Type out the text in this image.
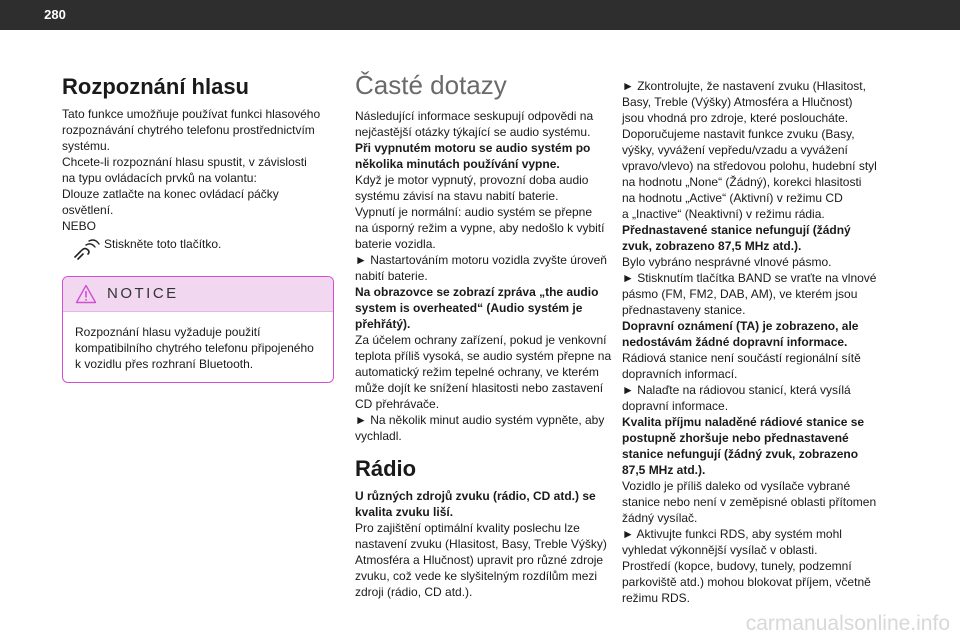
280
Rozpoznání hlasu
Tato funkce umožňuje používat funkci hlasového
rozpoznávání chytrého telefonu prostřednictvím
systému.
Chcete-li rozpoznání hlasu spustit, v závislosti
na typu ovládacích prvků na volantu:
Dlouze zatlačte na konec ovládací páčky
osvětlení.
NEBO
Stiskněte toto tlačítko.
NOTICE
Rozpoznání hlasu vyžaduje použití
kompatibilního chytrého telefonu připojeného
k vozidlu přes rozhraní Bluetooth.
Časté dotazy
Následující informace seskupují odpovědi na
nejčastější otázky týkající se audio systému.
Při vypnutém motoru se audio systém po
několika minutách používání vypne.
Když je motor vypnutý, provozní doba audio
systému závisí na stavu nabití baterie.
Vypnutí je normální: audio systém se přepne
na úsporný režim a vypne, aby nedošlo k vybití
baterie vozidla.
► Nastartováním motoru vozidla zvyšte úroveň
nabití baterie.
Na obrazovce se zobrazí zpráva „the audio
system is overheated“ (Audio systém je
přehřátý).
Za účelem ochrany zařízení, pokud je venkovní
teplota příliš vysoká, se audio systém přepne na
automatický režim tepelné ochrany, ve kterém
může dojít ke snížení hlasitosti nebo zastavení
CD přehrávače.
► Na několik minut audio systém vypněte, aby
vychladl.
Rádio
U různých zdrojů zvuku (rádio, CD atd.) se
kvalita zvuku liší.
Pro zajištění optimální kvality poslechu lze
nastavení zvuku (Hlasitost, Basy, Treble Výšky)
Atmosféra a Hlučnost) upravit pro různé zdroje
zvuku, což vede ke slyšitelným rozdílům mezi
zdroji (rádio, CD atd.).
► Zkontrolujte, že nastavení zvuku (Hlasitost,
Basy, Treble (Výšky) Atmosféra a Hlučnost)
jsou vhodná pro zdroje, které posloucháte.
Doporučujeme nastavit funkce zvuku (Basy,
výšky, vyvážení vepředu/vzadu a vyvážení
vpravo/vlevo) na středovou polohu, hudební styl
na hodnotu „None“ (Žádný), korekci hlasitosti
na hodnotu „Active“ (Aktivní) v režimu CD
a „Inactive“ (Neaktivní) v režimu rádia.
Přednastavené stanice nefungují (žádný
zvuk, zobrazeno 87,5 MHz atd.).
Bylo vybráno nesprávné vlnové pásmo.
► Stisknutím tlačítka BAND se vraťte na vlnové
pásmo (FM, FM2, DAB, AM), ve kterém jsou
přednastaveny stanice.
Dopravní oznámení (TA) je zobrazeno, ale
nedostávám žádné dopravní informace.
Rádiová stanice není součástí regionální sítě
dopravních informací.
► Nalaďte na rádiovou stanicí, která vysílá
dopravní informace.
Kvalita příjmu naladěné rádiové stanice se
postupně zhoršuje nebo přednastavené
stanice nefungují (žádný zvuk, zobrazeno
87,5 MHz atd.).
Vozidlo je příliš daleko od vysílače vybrané
stanice nebo není v zeměpisné oblasti přítomen
žádný vysílač.
► Aktivujte funkci RDS, aby systém mohl
vyhledat výkonnější vysílač v oblasti.
Prostředí (kopce, budovy, tunely, podzemní
parkoviště atd.) mohou blokovat příjem, včetně
režimu RDS.
carmanualsonline.info
